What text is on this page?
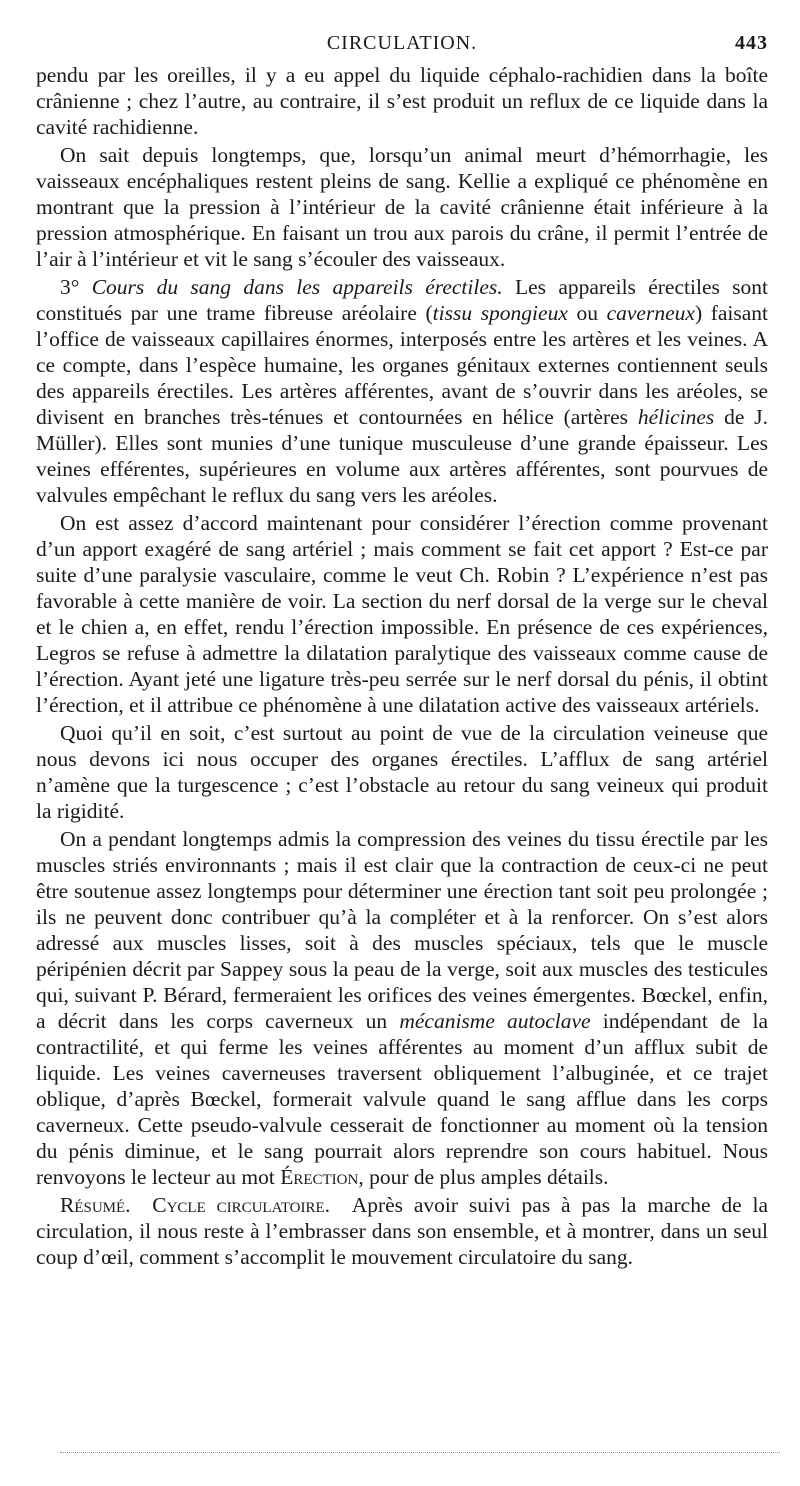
CIRCULATION.	443

pendu par les oreilles, il y a eu appel du liquide céphalo-rachidien dans la boîte crânienne ; chez l’autre, au contraire, il s’est produit un reflux de ce liquide dans la cavité rachidienne.

On sait depuis longtemps, que, lorsqu’un animal meurt d’hémorrhagie, les vaisseaux encéphaliques restent pleins de sang. Kellie a expliqué ce phénomène en montrant que la pression à l’intérieur de la cavité crânienne était inférieure à la pression atmosphérique. En faisant un trou aux parois du crâne, il permit l’entrée de l’air à l’intérieur et vit le sang s’écouler des vaisseaux.

3° Cours du sang dans les appareils érectiles. Les appareils érectiles sont constitués par une trame fibreuse aréolaire (tissu spongieux ou caverneux) faisant l’office de vaisseaux capillaires énormes, interposés entre les artères et les veines. A ce compte, dans l’espèce humaine, les organes génitaux externes contiennent seuls des appareils érectiles. Les artères afférentes, avant de s’ouvrir dans les aréoles, se divisent en branches très-ténues et contournées en hélice (artères hélicines de J. Müller). Elles sont munies d’une tunique musculeuse d’une grande épaisseur. Les veines efférentes, supérieures en volume aux artères afférentes, sont pourvues de valvules empêchant le reflux du sang vers les aréoles.

On est assez d’accord maintenant pour considérer l’érection comme provenant d’un apport exagéré de sang artériel ; mais comment se fait cet apport ? Est-ce par suite d’une paralysie vasculaire, comme le veut Ch. Robin ? L’expérience n’est pas favorable à cette manière de voir. La section du nerf dorsal de la verge sur le cheval et le chien a, en effet, rendu l’érection impossible. En présence de ces expériences, Legros se refuse à admettre la dilatation paralytique des vaisseaux comme cause de l’érection. Ayant jeté une ligature très-peu serrée sur le nerf dorsal du pénis, il obtint l’érection, et il attribue ce phénomène à une dilatation active des vaisseaux artériels.

Quoi qu’il en soit, c’est surtout au point de vue de la circulation veineuse que nous devons ici nous occuper des organes érectiles. L’afflux de sang artériel n’amène que la turgescence ; c’est l’obstacle au retour du sang veineux qui produit la rigidité.

On a pendant longtemps admis la compression des veines du tissu érectile par les muscles striés environnants ; mais il est clair que la contraction de ceux-ci ne peut être soutenue assez longtemps pour déterminer une érection tant soit peu prolongée ; ils ne peuvent donc contribuer qu’à la compléter et à la renforcer. On s’est alors adressé aux muscles lisses, soit à des muscles spéciaux, tels que le muscle péripénien décrit par Sappey sous la peau de la verge, soit aux muscles des testicules qui, suivant P. Bérard, fermeraient les orifices des veines émergentes. Bœckel, enfin, a décrit dans les corps caverneux un mécanisme autoclave indépendant de la contractilité, et qui ferme les veines afférentes au moment d’un afflux subit de liquide. Les veines caverneuses traversent obliquement l’albuginée, et ce trajet oblique, d’après Bœckel, formerait valvule quand le sang afflue dans les corps caverneux. Cette pseudo-valvule cesserait de fonctionner au moment où la tension du pénis diminue, et le sang pourrait alors reprendre son cours habituel. Nous renvoyons le lecteur au mot Érection, pour de plus amples détails.

Résumé. Cycle circulatoire. Après avoir suivi pas à pas la marche de la circulation, il nous reste à l’embrasser dans son ensemble, et à montrer, dans un seul coup d’œil, comment s’accomplit le mouvement circulatoire du sang.
